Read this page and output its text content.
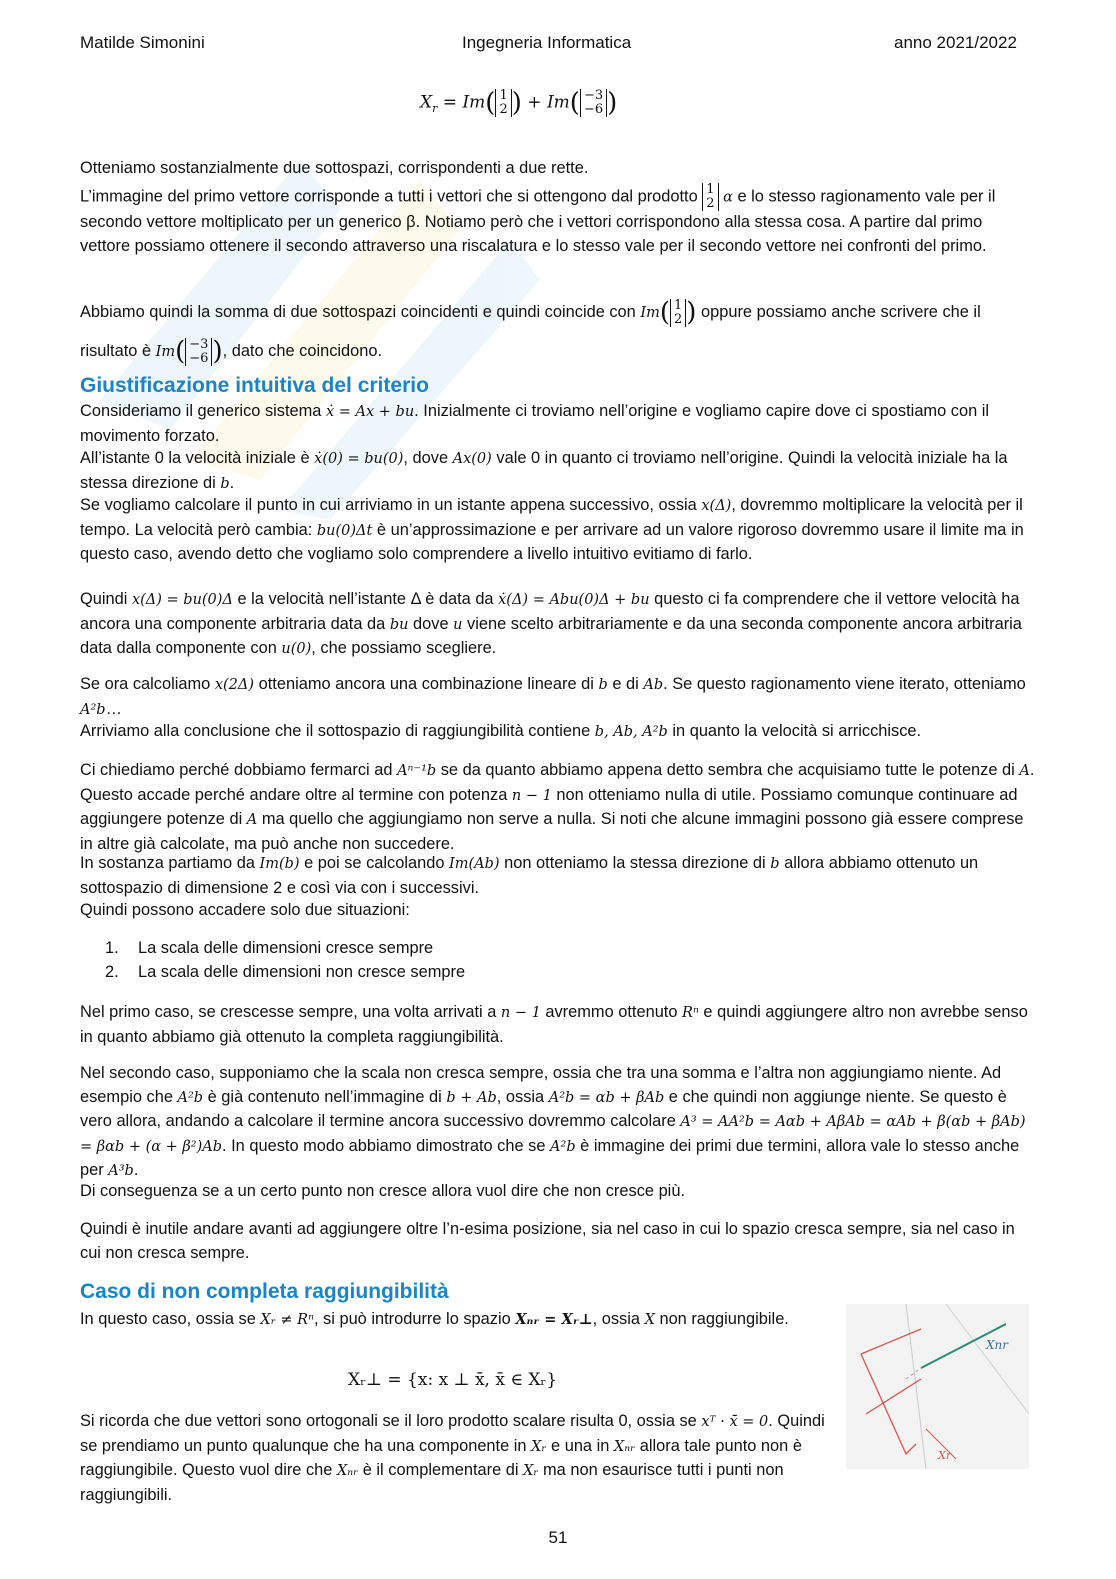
Matilde Simonini	Ingegneria Informatica	anno 2021/2022
$X_r = Im$( 1
2 ) + Im( −3
−6 )

Otteniamo sostanzialmente due sottospazi, corrispondenti a due rette.

L’immagine del primo vettore corrisponde a tutti i vettori che si ottengono dal prodotto 1
2 α e lo stesso ragionamento vale per il secondo vettore moltiplicato per un generico β. Notiamo però che i vettori corrispondono alla stessa cosa. A partire dal primo vettore possiamo ottenere il secondo attraverso una riscalatura e lo stesso vale per il secondo vettore nei confronti del primo.

Abbiamo quindi la somma di due sottospazi coincidenti e quindi coincide con Im( 1
2 ) oppure possiamo anche scrivere che il risultato è Im( −3
−6 ), dato che coincidono.

Giustificazione intuitiva del criterio

Consideriamo il generico sistema ẋ = Ax + bu. Inizialmente ci troviamo nell’origine e vogliamo capire dove ci spostiamo con il movimento forzato.

All’istante 0 la velocità iniziale è ẋ(0) = bu(0), dove Ax(0) vale 0 in quanto ci troviamo nell’origine. Quindi la velocità iniziale ha la stessa direzione di b.

Se vogliamo calcolare il punto in cui arriviamo in un istante appena successivo, ossia x(Δ), dovremmo moltiplicare la velocità per il tempo. La velocità però cambia: bu(0)Δt è un’approssimazione e per arrivare ad un valore rigoroso dovremmo usare il limite ma in questo caso, avendo detto che vogliamo solo comprendere a livello intuitivo evitiamo di farlo.

Quindi x(Δ) = bu(0)Δ e la velocità nell’istante Δ è data da ẋ(Δ) = Abu(0)Δ + bu questo ci fa comprendere che il vettore velocità ha ancora una componente arbitraria data da bu dove u viene scelto arbitrariamente e da una seconda componente ancora arbitraria data dalla componente con u(0), che possiamo scegliere.

Se ora calcoliamo x(2Δ) otteniamo ancora una combinazione lineare di b e di Ab. Se questo ragionamento viene iterato, otteniamo A²b…

Arriviamo alla conclusione che il sottospazio di raggiungibilità contiene b, Ab, A²b in quanto la velocità si arricchisce.

Ci chiediamo perché dobbiamo fermarci ad Aⁿ⁻¹b se da quanto abbiamo appena detto sembra che acquisiamo tutte le potenze di A. Questo accade perché andare oltre al termine con potenza n − 1 non otteniamo nulla di utile. Possiamo comunque continuare ad aggiungere potenze di A ma quello che aggiungiamo non serve a nulla. Si noti che alcune immagini possono già essere comprese in altre già calcolate, ma può anche non succedere.

In sostanza partiamo da Im(b) e poi se calcolando Im(Ab) non otteniamo la stessa direzione di b allora abbiamo ottenuto un sottospazio di dimensione 2 e così via con i successivi.

Quindi possono accadere solo due situazioni:

1. La scala delle dimensioni cresce sempre
2. La scala delle dimensioni non cresce sempre

Nel primo caso, se crescesse sempre, una volta arrivati a n − 1 avremmo ottenuto Rⁿ e quindi aggiungere altro non avrebbe senso in quanto abbiamo già ottenuto la completa raggiungibilità.

Nel secondo caso, supponiamo che la scala non cresca sempre, ossia che tra una somma e l’altra non aggiungiamo niente. Ad esempio che A²b è già contenuto nell’immagine di b + Ab, ossia A²b = αb + βAb e che quindi non aggiunge niente. Se questo è vero allora, andando a calcolare il termine ancora successivo dovremmo calcolare A³ = AA²b = Aαb + AβAb = αAb + β(αb + βAb) = βαb + (α + β²)Ab. In questo modo abbiamo dimostrato che se A²b è immagine dei primi due termini, allora vale lo stesso anche per A³b.

Di conseguenza se a un certo punto non cresce allora vuol dire che non cresce più.

Quindi è inutile andare avanti ad aggiungere oltre l’n-esima posizione, sia nel caso in cui lo spazio cresca sempre, sia nel caso in cui non cresca sempre.

Caso di non completa raggiungibilità

In questo caso, ossia se Xᵣ ≠ Rⁿ, si può introdurre lo spazio Xₙᵣ = Xᵣ⊥, ossia X non raggiungibile.

Xᵣ⊥ = {x: x ⊥ x̄, x̄ ∈ Xᵣ}

Si ricorda che due vettori sono ortogonali se il loro prodotto scalare risulta 0, ossia se xᵀ · x̄ = 0. Quindi se prendiamo un punto qualunque che ha una componente in Xᵣ e una in Xₙᵣ allora tale punto non è raggiungibile. Questo vuol dire che Xₙᵣ è il complementare di Xᵣ ma non esaurisce tutti i punti non raggiungibili.

Xnr
Xr
51
